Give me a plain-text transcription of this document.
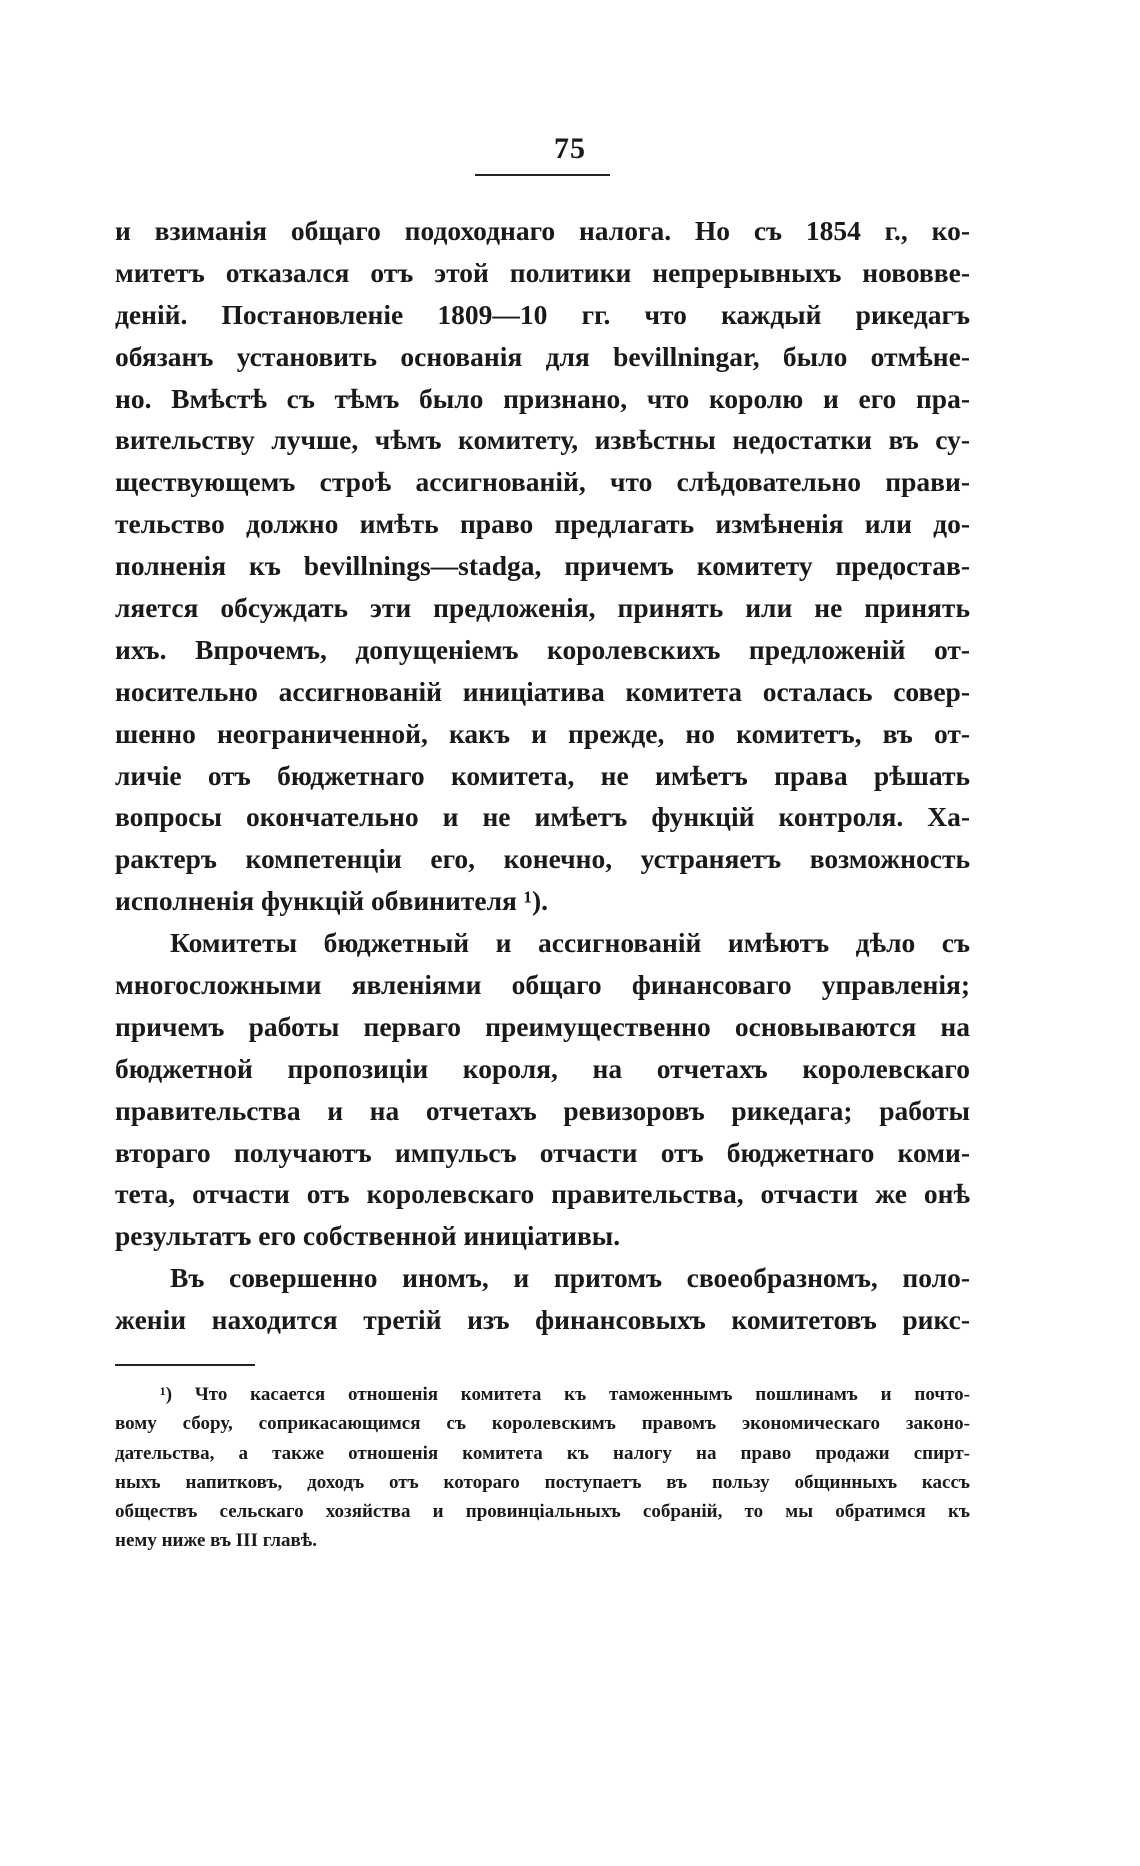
75
и взиманія общаго подоходнаго налога. Но съ 1854 г., ко-
митетъ отказался отъ этой политики непрерывныхъ нововве-
деній. Постановленіе 1809—10 гг. что каждый рикедагъ
обязанъ установить основанія для bevillningar, было отмѣне-
но. Вмѣстѣ съ тѣмъ было признано, что королю и его пра-
вительству лучше, чѣмъ комитету, извѣстны недостатки въ су-
ществующемъ строѣ ассигнованій, что слѣдовательно прави-
тельство должно имѣть право предлагать измѣненія или до-
полненія къ bevillnings—stadga, причемъ комитету предостав-
ляется обсуждать эти предложенія, принять или не принять
ихъ. Впрочемъ, допущеніемъ королевскихъ предложеній от-
носительно ассигнованій иниціатива комитета осталась совер-
шенно неограниченной, какъ и прежде, но комитетъ, въ от-
личіе отъ бюджетнаго комитета, не имѣетъ права рѣшать
вопросы окончательно и не имѣетъ функцій контроля. Ха-
рактеръ компетенціи его, конечно, устраняетъ возможность
исполненія функцій обвинителя ¹).
Комитеты бюджетный и ассигнованій имѣютъ дѣло съ
многосложными явленіями общаго финансоваго управленія;
причемъ работы перваго преимущественно основываются на
бюджетной пропозиціи короля, на отчетахъ королевскаго
правительства и на отчетахъ ревизоровъ рикедага; работы
втораго получаютъ импульсъ отчасти отъ бюджетнаго коми-
тета, отчасти отъ королевскаго правительства, отчасти же онѣ
результатъ его собственной иниціативы.
Въ совершенно иномъ, и притомъ своеобразномъ, поло-
женіи находится третій изъ финансовыхъ комитетовъ рикс-
¹) Что касается отношенія комитета къ таможеннымъ пошлинамъ и почто-
вому сбору, соприкасающимся съ королевскимъ правомъ экономическаго законо-
дательства, а также отношенія комитета къ налогу на право продажи спирт-
ныхъ напитковъ, доходъ отъ котораго поступаетъ въ пользу общинныхъ кассъ
обществъ сельскаго хозяйства и провинціальныхъ собраній, то мы обратимся къ
нему ниже въ III главѣ.
